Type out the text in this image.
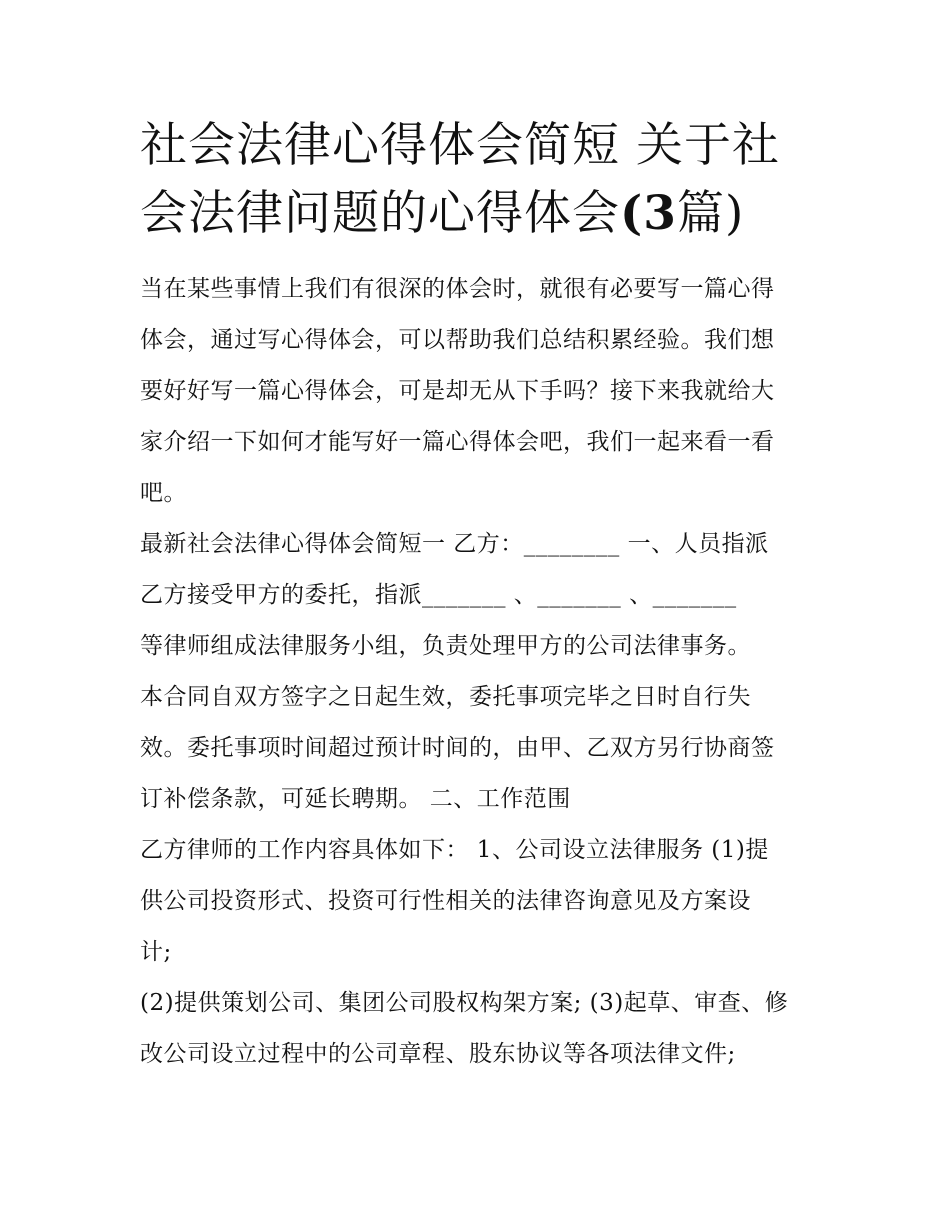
社会法律心得体会简短 关于社
会法律问题的心得体会(3篇)
当在某些事情上我们有很深的体会时，就很有必要写一篇心得
体会，通过写心得体会，可以帮助我们总结积累经验。我们想
要好好写一篇心得体会，可是却无从下手吗？接下来我就给大
家介绍一下如何才能写好一篇心得体会吧，我们一起来看一看
吧。
最新社会法律心得体会简短一 乙方：________ 一、人员指派
乙方接受甲方的委托，指派_______ 、_______ 、_______
等律师组成法律服务小组，负责处理甲方的公司法律事务。
本合同自双方签字之日起生效，委托事项完毕之日时自行失
效。委托事项时间超过预计时间的，由甲、乙双方另行协商签
订补偿条款，可延长聘期。 二、工作范围
乙方律师的工作内容具体如下： 1、公司设立法律服务 (1)提
供公司投资形式、投资可行性相关的法律咨询意见及方案设
计;
(2)提供策划公司、集团公司股权构架方案; (3)起草、审查、修
改公司设立过程中的公司章程、股东协议等各项法律文件;
